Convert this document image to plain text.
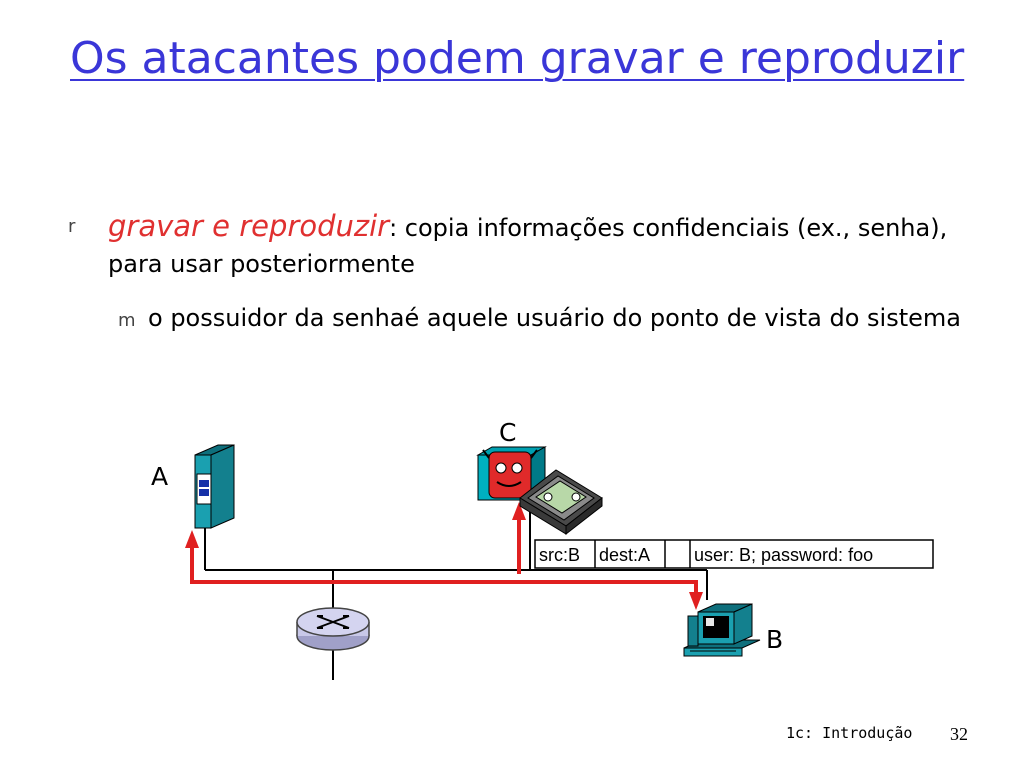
Os atacantes podem gravar e reproduzir
r gravar e reproduzir: copia informações confidenciais (ex., senha), para usar posteriormente
m o possuidor da senhaé aquele usuário do ponto de vista do sistema
src:B dest:A user: B; password: foo
A
C
B
1c: Introdução 32
